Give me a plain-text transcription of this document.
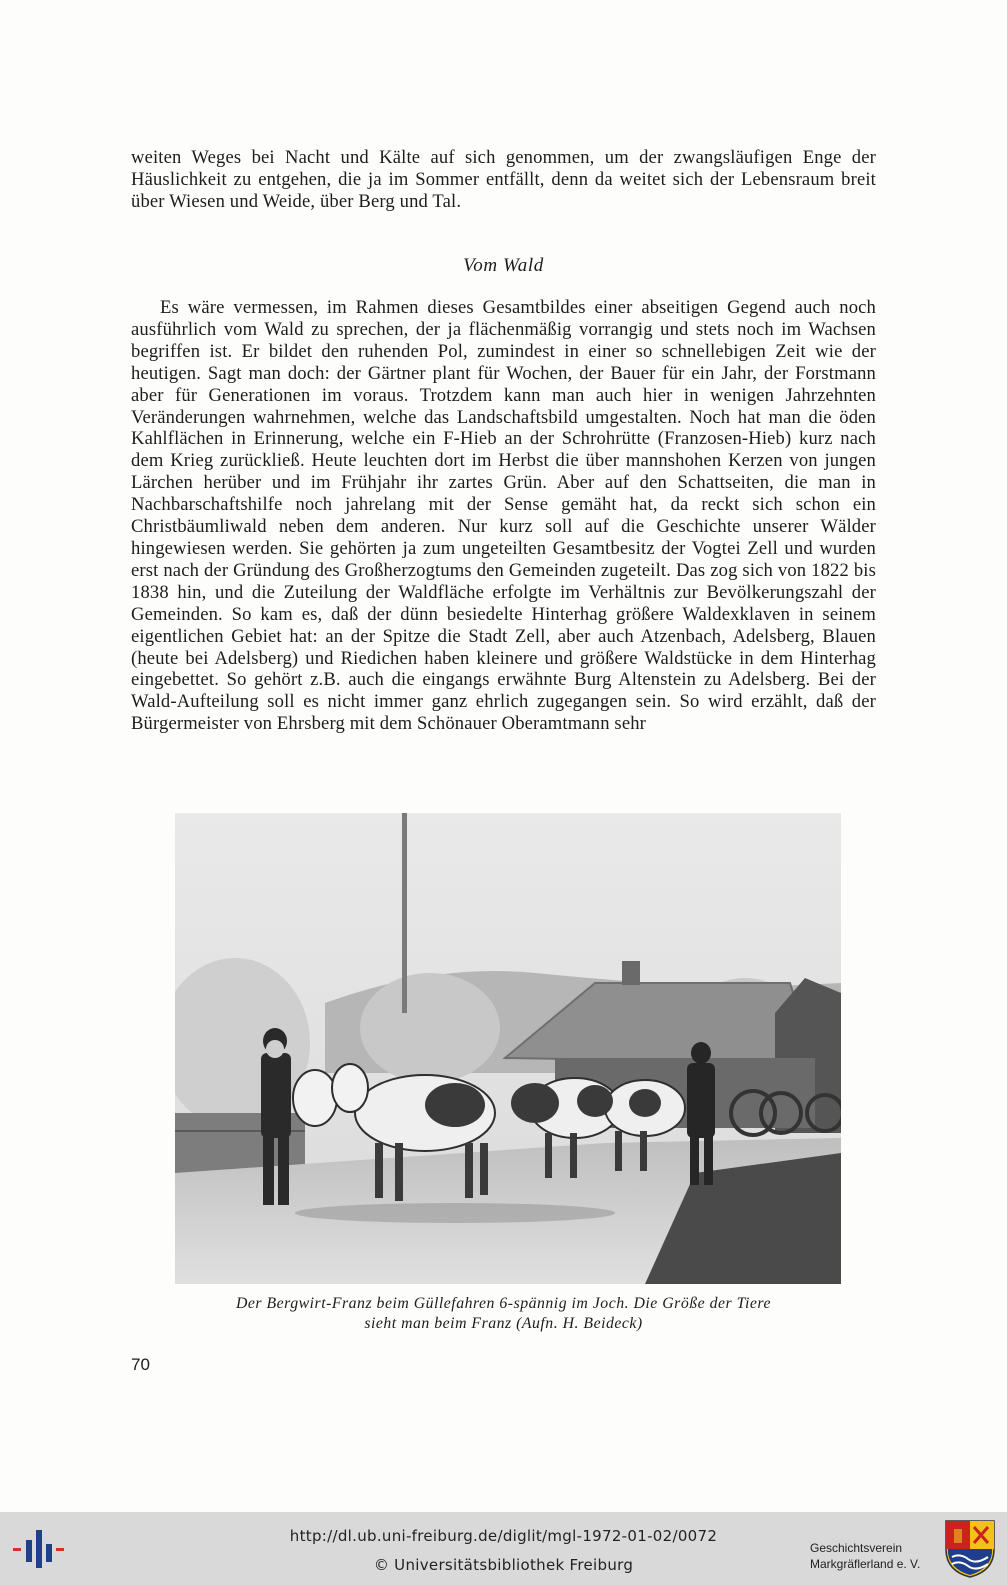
weiten Weges bei Nacht und Kälte auf sich genommen, um der zwangsläufigen Enge der Häuslichkeit zu entgehen, die ja im Sommer entfällt, denn da weitet sich der Lebensraum breit über Wiesen und Weide, über Berg und Tal.

Vom Wald

Es wäre vermessen, im Rahmen dieses Gesamtbildes einer abseitigen Gegend auch noch ausführlich vom Wald zu sprechen, der ja flächenmäßig vorrangig und stets noch im Wachsen begriffen ist. Er bildet den ruhenden Pol, zumindest in einer so schnellebigen Zeit wie der heutigen. Sagt man doch: der Gärtner plant für Wochen, der Bauer für ein Jahr, der Forstmann aber für Generationen im voraus. Trotzdem kann man auch hier in wenigen Jahrzehnten Veränderungen wahrnehmen, welche das Landschaftsbild umgestalten. Noch hat man die öden Kahlflächen in Erinnerung, welche ein F-Hieb an der Schrohrütte (Franzosen-Hieb) kurz nach dem Krieg zurückließ. Heute leuchten dort im Herbst die über mannshohen Kerzen von jungen Lärchen herüber und im Frühjahr ihr zartes Grün. Aber auf den Schattseiten, die man in Nachbarschaftshilfe noch jahrelang mit der Sense gemäht hat, da reckt sich schon ein Christbäumliwald neben dem anderen. Nur kurz soll auf die Geschichte unserer Wälder hingewiesen werden. Sie gehörten ja zum ungeteilten Gesamtbesitz der Vogtei Zell und wurden erst nach der Gründung des Großherzogtums den Gemeinden zugeteilt. Das zog sich von 1822 bis 1838 hin, und die Zuteilung der Waldfläche erfolgte im Verhältnis zur Bevölkerungszahl der Gemeinden. So kam es, daß der dünn besiedelte Hinterhag größere Waldexklaven in seinem eigentlichen Gebiet hat: an der Spitze die Stadt Zell, aber auch Atzenbach, Adelsberg, Blauen (heute bei Adelsberg) und Riedichen haben kleinere und größere Waldstücke in dem Hinterhag eingebettet. So gehört z.B. auch die eingangs erwähnte Burg Altenstein zu Adelsberg. Bei der Wald-Aufteilung soll es nicht immer ganz ehrlich zugegangen sein. So wird erzählt, daß der Bürgermeister von Ehrsberg mit dem Schönauer Oberamtmann sehr

Der Bergwirt-Franz beim Güllefahren 6-spännig im Joch. Die Größe der Tiere
sieht man beim Franz (Aufn. H. Beideck)
70
http://dl.ub.uni-freiburg.de/diglit/mgl-1972-01-02/0072
© Universitätsbibliothek Freiburg
Geschichtsverein
Markgräflerland e. V.
